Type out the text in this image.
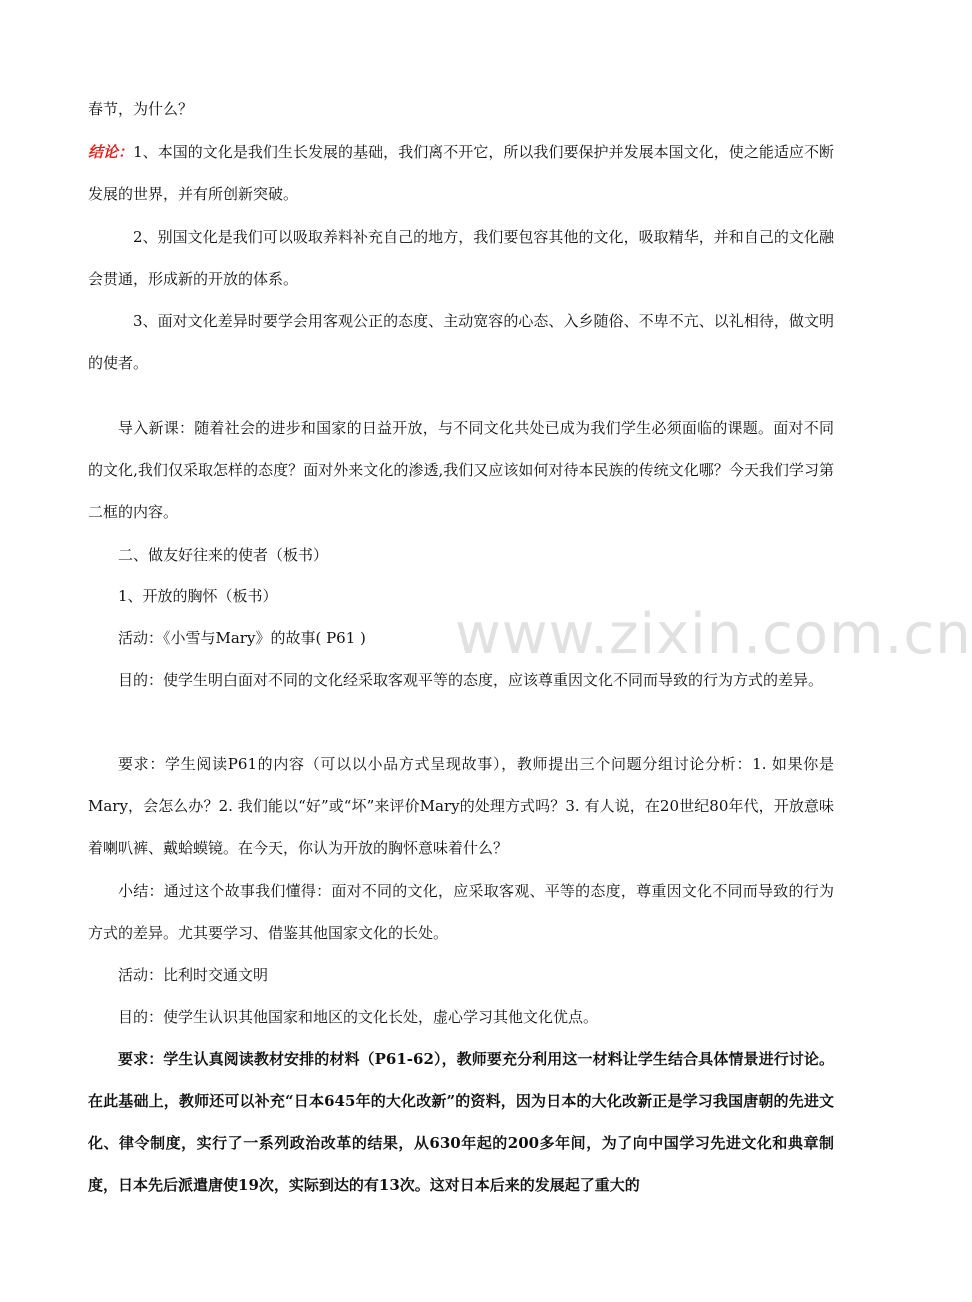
春节，为什么？

结论：1、本国的文化是我们生长发展的基础，我们离不开它，所以我们要保护并发展本国文化，使之能适应不断发展的世界，并有所创新突破。

2、别国文化是我们可以吸取养料补充自己的地方，我们要包容其他的文化，吸取精华，并和自己的文化融会贯通，形成新的开放的体系。

3、面对文化差异时要学会用客观公正的态度、主动宽容的心态、入乡随俗、不卑不亢、以礼相待，做文明的使者。

导入新课：随着社会的进步和国家的日益开放，与不同文化共处已成为我们学生必须面临的课题。面对不同的文化,我们仅采取怎样的态度？面对外来文化的渗透,我们又应该如何对待本民族的传统文化哪？今天我们学习第二框的内容。

二、做友好往来的使者（板书）

1、开放的胸怀（板书）

活动：《小雪与Mary》的故事( P61 )

目的：使学生明白面对不同的文化经采取客观平等的态度，应该尊重因文化不同而导致的行为方式的差异。

要求：学生阅读P61的内容（可以以小品方式呈现故事），教师提出三个问题分组讨论分析：1. 如果你是Mary，会怎么办？2. 我们能以“好”或“坏”来评价Mary的处理方式吗？3. 有人说，在20世纪80年代，开放意味着喇叭裤、戴蛤蟆镜。在今天，你认为开放的胸怀意味着什么？

小结：通过这个故事我们懂得：面对不同的文化，应采取客观、平等的态度，尊重因文化不同而导致的行为方式的差异。尤其要学习、借鉴其他国家文化的长处。

活动：比利时交通文明

目的：使学生认识其他国家和地区的文化长处，虚心学习其他文化优点。

要求：学生认真阅读教材安排的材料（P61-62），教师要充分利用这一材料让学生结合具体情景进行讨论。在此基础上，教师还可以补充“日本645年的大化改新”的资料，因为日本的大化改新正是学习我国唐朝的先进文化、律令制度，实行了一系列政治改革的结果，从630年起的200多年间，为了向中国学习先进文化和典章制度，日本先后派遣唐使19次，实际到达的有13次。这对日本后来的发展起了重大的

www.zixin.com.cn
